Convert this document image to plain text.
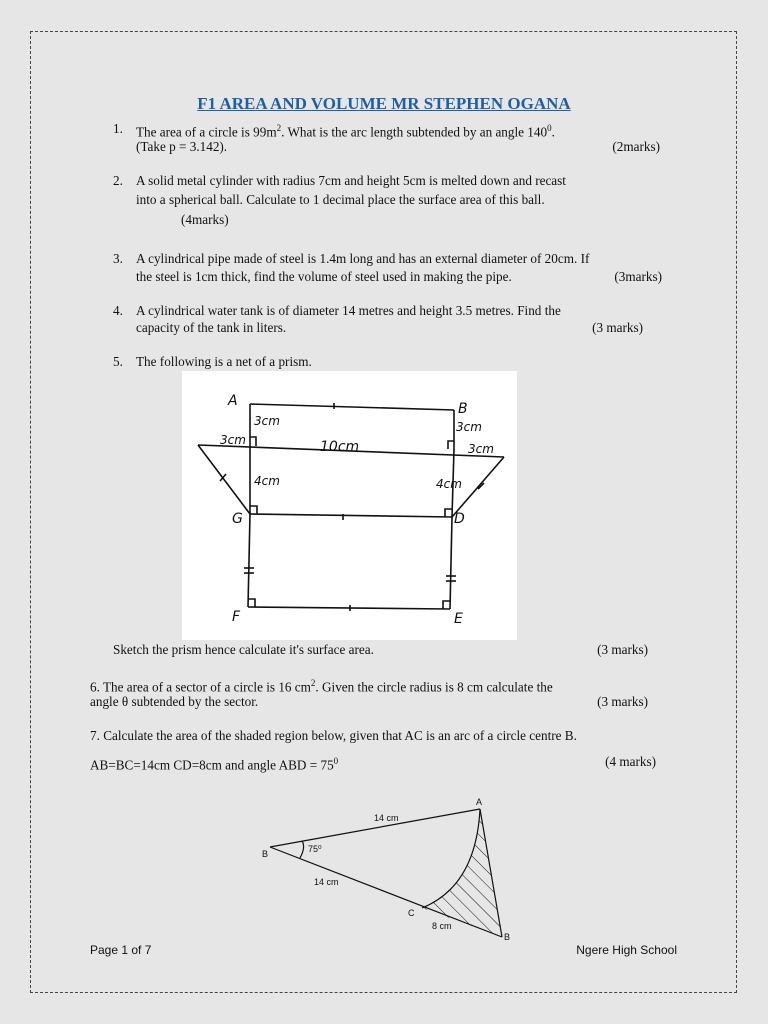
F1 AREA AND VOLUME MR STEPHEN OGANA
1. The area of a circle is $99m^2$. What is the arc length subtended by an angle $140^0$.
(Take p = 3.142).	(2marks)
2. A solid metal cylinder with radius 7cm and height 5cm is melted down and recast
into a spherical ball. Calculate to 1 decimal place the surface area of this ball.
(4marks)
3. A cylindrical pipe made of steel is 1.4m long and has an external diameter of 20cm. If
the steel is 1cm thick, find the volume of steel used in making the pipe.	(3marks)
4. A cylindrical water tank is of diameter 14 metres and height 3.5 metres. Find the
capacity of the tank in liters.	(3 marks)
5. The following is a net of a prism.
A	B
G	D
F	E
3cm	3cm
3cm
3cm
10cm
4cm	4cm
Sketch the prism hence calculate it's surface area.	(3 marks)
6. The area of a sector of a circle is 16 $cm^2$. Given the circle radius is 8 cm calculate the
angle θ subtended by the sector.	(3 marks)
7. Calculate the area of the shaded region below, given that AC is an arc of a circle centre B.
AB=BC=14cm CD=8cm and angle ABD = $75^0$	(4 marks)
A
B
B
C
14 cm
14 cm
8 cm
75⁰
Page 1 of 7	Ngere High School
